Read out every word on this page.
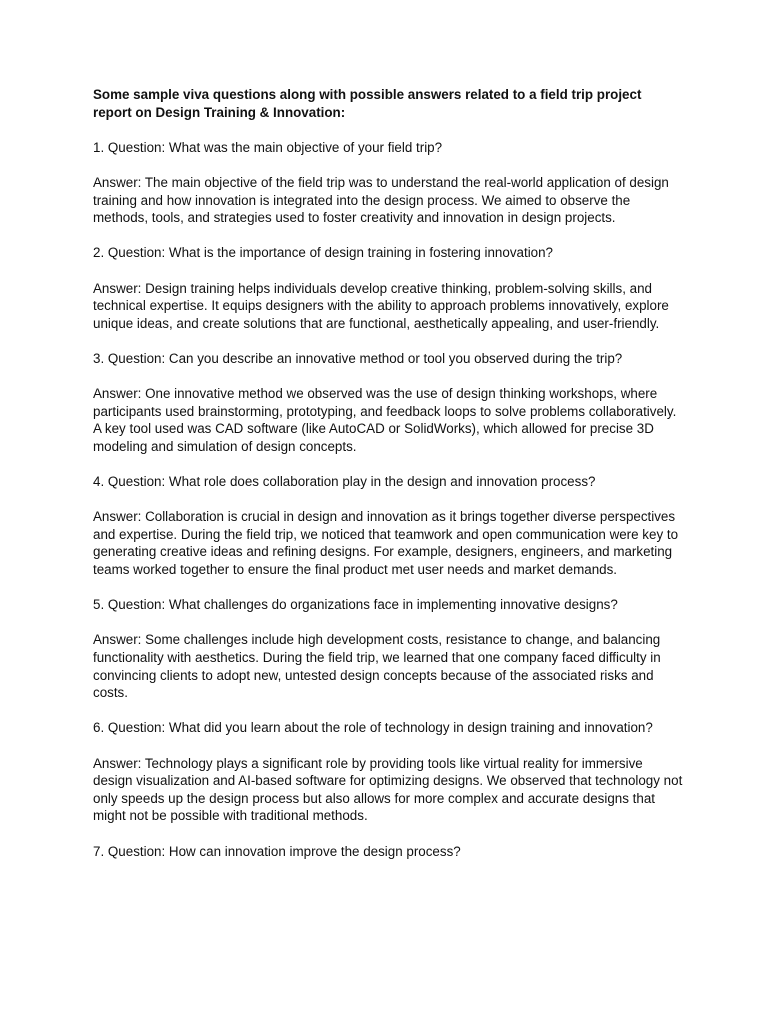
Some sample viva questions along with possible answers related to a field trip project report on Design Training & Innovation:

1. Question: What was the main objective of your field trip?

Answer: The main objective of the field trip was to understand the real-world application of design training and how innovation is integrated into the design process. We aimed to observe the methods, tools, and strategies used to foster creativity and innovation in design projects.

2. Question: What is the importance of design training in fostering innovation?

Answer: Design training helps individuals develop creative thinking, problem-solving skills, and technical expertise. It equips designers with the ability to approach problems innovatively, explore unique ideas, and create solutions that are functional, aesthetically appealing, and user-friendly.

3. Question: Can you describe an innovative method or tool you observed during the trip?

Answer: One innovative method we observed was the use of design thinking workshops, where participants used brainstorming, prototyping, and feedback loops to solve problems collaboratively. A key tool used was CAD software (like AutoCAD or SolidWorks), which allowed for precise 3D modeling and simulation of design concepts.

4. Question: What role does collaboration play in the design and innovation process?

Answer: Collaboration is crucial in design and innovation as it brings together diverse perspectives and expertise. During the field trip, we noticed that teamwork and open communication were key to generating creative ideas and refining designs. For example, designers, engineers, and marketing teams worked together to ensure the final product met user needs and market demands.

5. Question: What challenges do organizations face in implementing innovative designs?

Answer: Some challenges include high development costs, resistance to change, and balancing functionality with aesthetics. During the field trip, we learned that one company faced difficulty in convincing clients to adopt new, untested design concepts because of the associated risks and costs.

6. Question: What did you learn about the role of technology in design training and innovation?

Answer: Technology plays a significant role by providing tools like virtual reality for immersive design visualization and AI-based software for optimizing designs. We observed that technology not only speeds up the design process but also allows for more complex and accurate designs that might not be possible with traditional methods.

7. Question: How can innovation improve the design process?
